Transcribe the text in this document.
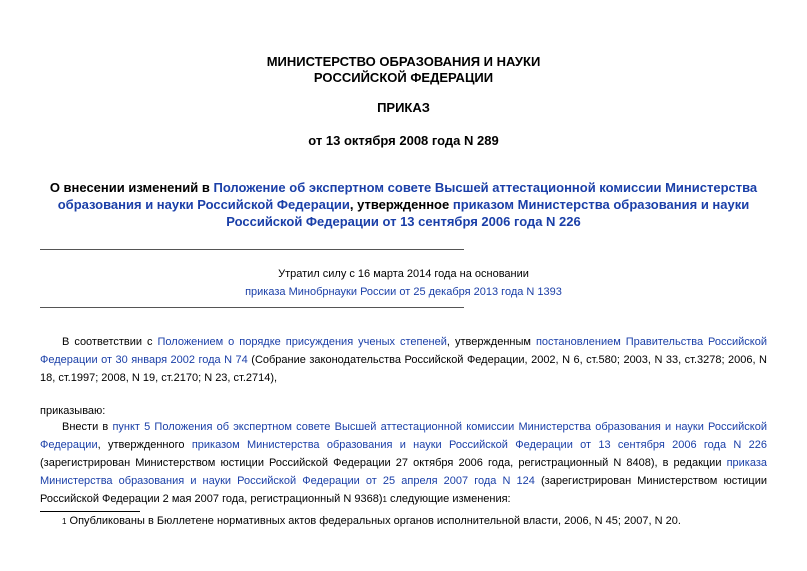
МИНИСТЕРСТВО ОБРАЗОВАНИЯ И НАУКИ
РОССИЙСКОЙ ФЕДЕРАЦИИ
ПРИКАЗ
от 13 октября 2008 года N 289
О внесении изменений в Положение об экспертном совете Высшей аттестационной комиссии Министерства образования и науки Российской Федерации, утвержденное приказом Министерства образования и науки Российской Федерации от 13 сентября 2006 года N 226
Утратил силу с 16 марта 2014 года на основании
приказа Минобрнауки России от 25 декабря 2013 года N 1393
В соответствии с Положением о порядке присуждения ученых степеней, утвержденным постановлением Правительства Российской Федерации от 30 января 2002 года N 74 (Собрание законодательства Российской Федерации, 2002, N 6, ст.580; 2003, N 33, ст.3278; 2006, N 18, ст.1997; 2008, N 19, ст.2170; N 23, ст.2714),
приказываю:
Внести в пункт 5 Положения об экспертном совете Высшей аттестационной комиссии Министерства образования и науки Российской Федерации, утвержденного приказом Министерства образования и науки Российской Федерации от 13 сентября 2006 года N 226 (зарегистрирован Министерством юстиции Российской Федерации 27 октября 2006 года, регистрационный N 8408), в редакции приказа Министерства образования и науки Российской Федерации от 25 апреля 2007 года N 124 (зарегистрирован Министерством юстиции Российской Федерации 2 мая 2007 года, регистрационный N 9368)1 следующие изменения:
1 Опубликованы в Бюллетене нормативных актов федеральных органов исполнительной власти, 2006, N 45; 2007, N 20.
